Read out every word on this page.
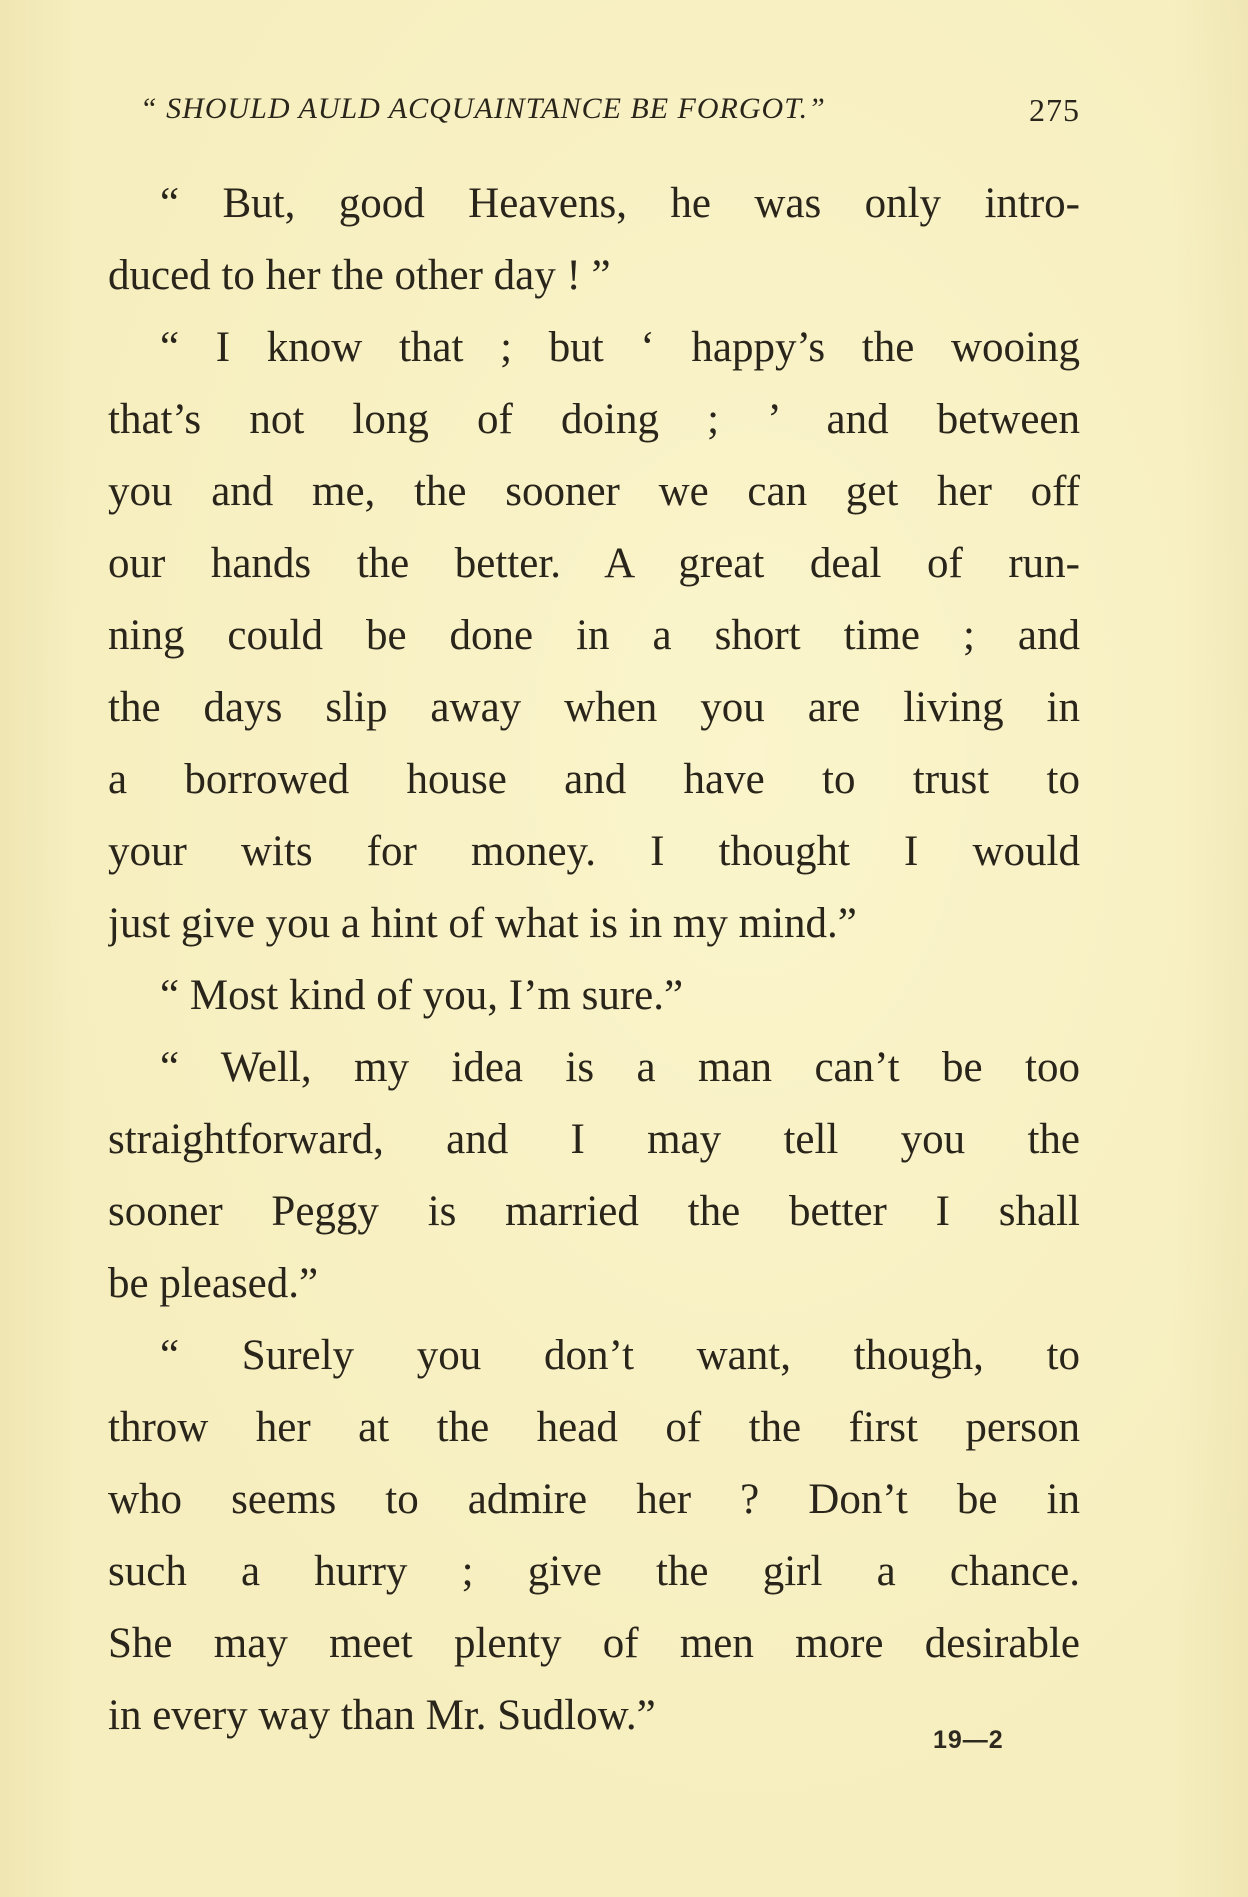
“ SHOULD AULD ACQUAINTANCE BE FORGOT.”	275
“ But, good Heavens, he was only intro-
duced to her the other day ! ”
“ I know that ; but ‘ happy’s the wooing
that’s not long of doing ; ’ and between
you and me, the sooner we can get her off
our hands the better. A great deal of run-
ning could be done in a short time ; and
the days slip away when you are living in
a borrowed house and have to trust to
your wits for money. I thought I would
just give you a hint of what is in my mind.”
“ Most kind of you, I’m sure.”
“ Well, my idea is a man can’t be too
straightforward, and I may tell you the
sooner Peggy is married the better I shall
be pleased.”
“ Surely you don’t want, though, to
throw her at the head of the first person
who seems to admire her ? Don’t be in
such a hurry ; give the girl a chance.
She may meet plenty of men more desirable
in every way than Mr. Sudlow.”
19—2
